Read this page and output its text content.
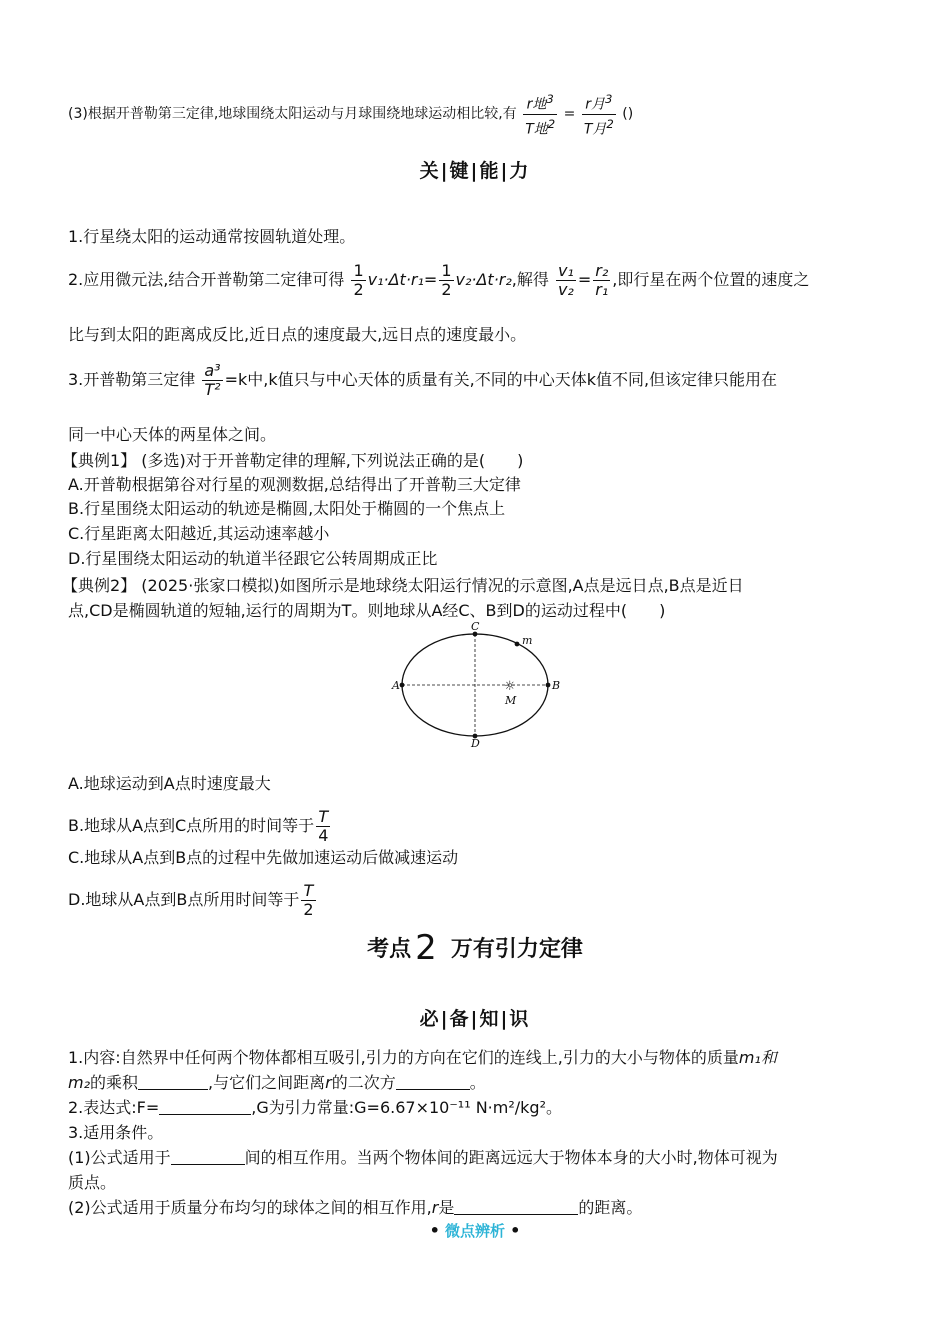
(3)根据开普勒第三定律,地球围绕太阳运动与月球围绕地球运动相比较,有 $\frac{r地^3}{T地^2} = \frac{r月^3}{T月^2}$ ()
关|键|能|力
1.行星绕太阳的运动通常按圆轨道处理。
2.应用微元法,结合开普勒第二定律可得 $\frac{1}{2} v_1\cdot\Delta t\cdot r_1= \frac{1}{2} v_2\cdot\Delta t\cdot r_2$,解得 $\frac{\text{v₁}}{\text{v₂}} = \frac{\text{r₂}}{\text{r₁}}$ ,即行星在两个位置的速度之
比与到太阳的距离成反比,近日点的速度最大,远日点的速度最小。
3.开普勒第三定律 $\frac{\text{a³}}{\text{T²}} =k$中,k值只与中心天体的质量有关,不同的中心天体k值不同,但该定律只能用在
同一中心天体的两星体之间。
【典例1】 (多选)对于开普勒定律的理解,下列说法正确的是(　　)
A.开普勒根据第谷对行星的观测数据,总结得出了开普勒三大定律
B.行星围绕太阳运动的轨迹是椭圆,太阳处于椭圆的一个焦点上
C.行星距离太阳越近,其运动速率越小
D.行星围绕太阳运动的轨道半径跟它公转周期成正比
【典例2】 (2025·张家口模拟)如图所示是地球绕太阳运行情况的示意图,A点是远日点,B点是近日
点,CD是椭圆轨道的短轴,运行的周期为T。则地球从A经C、B到D的运动过程中(　　)
A	B
C
D
m
☼
M
A.地球运动到A点时速度最大
B.地球从A点到C点所用的时间等于 $\frac{T}{4}$
C.地球从A点到B点的过程中先做加速运动后做减速运动
D.地球从A点到B点所用时间等于 $\frac{T}{2}$
考点 2 万有引力定律
必|备|知|识
1.内容:自然界中任何两个物体都相互吸引,引力的方向在它们的连线上,引力的大小与物体的质量m₁和
m₂的乘积	,与它们之间距离r的二次方	。
2.表达式:F=	,G为引力常量:G=6.67×10⁻¹¹ N·m²/kg²。
3.适用条件。
(1)公式适用于	间的相互作用。当两个物体间的距离远远大于物体本身的大小时,物体可视为
质点。
(2)公式适用于质量分布均匀的球体之间的相互作用,r是	的距离。
• 微点辨析 •
